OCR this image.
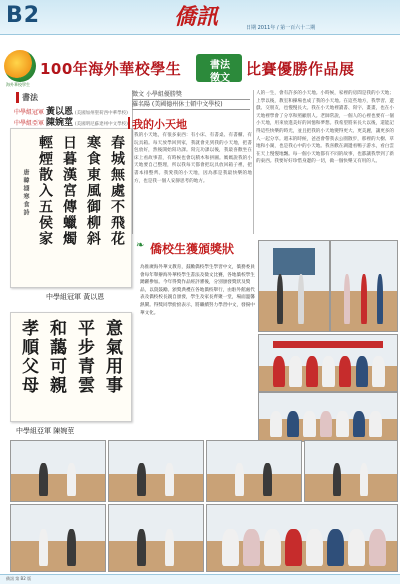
B2	僑訊	日期 2011年 / 第一百六十二期
海外華校學生
100年海外華校學生	書法
徵文
比賽優勝作品展
書法
中學組冠軍 黃以恩 (美國加州聖荷西中華學校)
中學組亞軍 陳婉莖 (美國明尼蘇達州中文學校)
春城無處不飛花
寒食東風御柳斜
日暮漢宮傳蠟燭
輕煙散入五侯家
唐韓翃寒食詩
中學組冠軍 黃以恩
意氣用事
平步青雲
和藹可親
孝順父母
中學組亞軍 陳婉莖
徵文 小學組優勝獎
羅名陽 (美國德州休士頓中文學校)
我的小天地
我的小天地，有很多東西：有小床、有書桌、有書櫃、有玩具箱。每天放學回到家，我就會先到我的小天地，把書包放好，然後開始寫功課。寫完功課以後，我最喜歡坐在床上看故事書，有時候也會玩積木和拼圖。媽媽說我的小天地要自己整理，所以我每天都會把玩具放回箱子裡，把書本排整齊。我愛我的小天地，因為那是我最快樂的地方，也是我一個人安靜思考的地方。
人的一生，會有許多的小天地。小時候，家裡的房間是我的小天地；上學以後，教室和操場也成了我的小天地。在這些地方，我學習、遊戲、交朋友，也慢慢長大。我在小天地裡讀書、寫字、畫畫，也在小天地裡學會了分享和照顧別人。老師常說，一個人的心裡也要有一個小天地，用來放進美好的回憶和夢想。我希望將來長大以後，還能記得這些快樂的時光，並且把我的小天地變得更大、更美麗，讓更多的人一起分享。週末的時候，爸爸會帶我去公園散步，那裡的大樹、草地和小湖，也是我心中的小天地。我喜歡在湖邊看鴨子游水，看白雲在天上慢慢地飄。每一個小天地都有不同的故事，也都讓我學到了新的東西。我要好好珍惜身邊的一切，做一個快樂又有用的人。
❧ 僑校生獲頒獎狀
為推廣海外華文教育，鼓勵僑校學生學習中文，僑務委員會每年舉辦海外華校學生書法及徵文比賽，各地僑校學生踴躍參加。今年得獎作品經評審後，分別頒發獎狀及獎品，以資鼓勵。頒獎典禮在各地僑校舉行，由駐外館處代表及僑校校長親自頒發，學生及家長齊聚一堂，場面溫馨熱鬧。得獎同學紛紛表示，將繼續努力學習中文，發揚中華文化。
僑訊 第 B2 版
